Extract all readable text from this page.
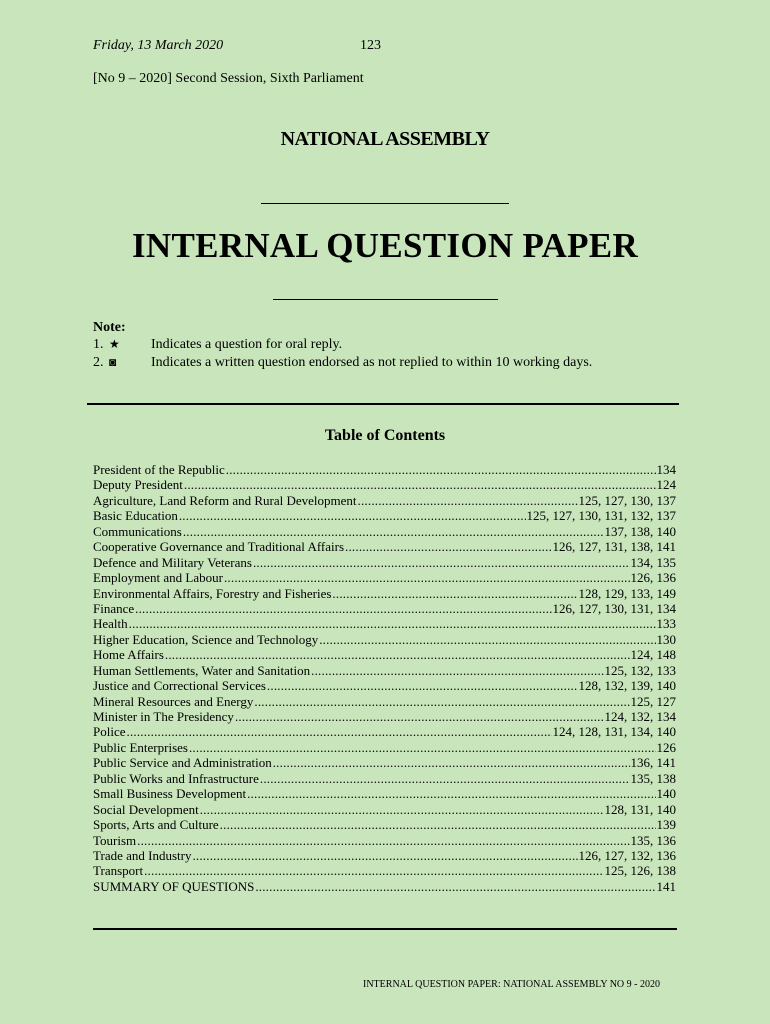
Friday, 13 March 2020	123
[No 9 – 2020] Second Session, Sixth Parliament
NATIONAL ASSEMBLY
INTERNAL QUESTION PAPER
Note:
1. ★ Indicates a question for oral reply.
2. ◙ Indicates a written question endorsed as not replied to within 10 working days.
Table of Contents
President of the Republic .....	134
Deputy President .....	124
Agriculture, Land Reform and Rural Development .....	125, 127, 130, 137
Basic Education .....	125, 127, 130, 131, 132, 137
Communications .....	137, 138, 140
Cooperative Governance and Traditional Affairs .....	126, 127, 131, 138, 141
Defence and Military Veterans .....	134, 135
Employment and Labour .....	126, 136
Environmental Affairs, Forestry and Fisheries .....	128, 129, 133, 149
Finance .....	126, 127, 130, 131, 134
Health .....	133
Higher Education, Science and Technology .....	130
Home Affairs .....	124, 148
Human Settlements, Water and Sanitation .....	125, 132, 133
Justice and Correctional Services .....	128, 132, 139, 140
Mineral Resources and Energy .....	125, 127
Minister in The Presidency .....	124, 132, 134
Police .....	124, 128, 131, 134, 140
Public Enterprises .....	126
Public Service and Administration .....	136, 141
Public Works and Infrastructure .....	135, 138
Small Business Development .....	140
Social Development .....	128, 131, 140
Sports, Arts and Culture .....	139
Tourism .....	135, 136
Trade and Industry .....	126, 127, 132, 136
Transport .....	125, 126, 138
SUMMARY OF QUESTIONS .....	141
INTERNAL QUESTION PAPER: NATIONAL ASSEMBLY NO 9 - 2020
